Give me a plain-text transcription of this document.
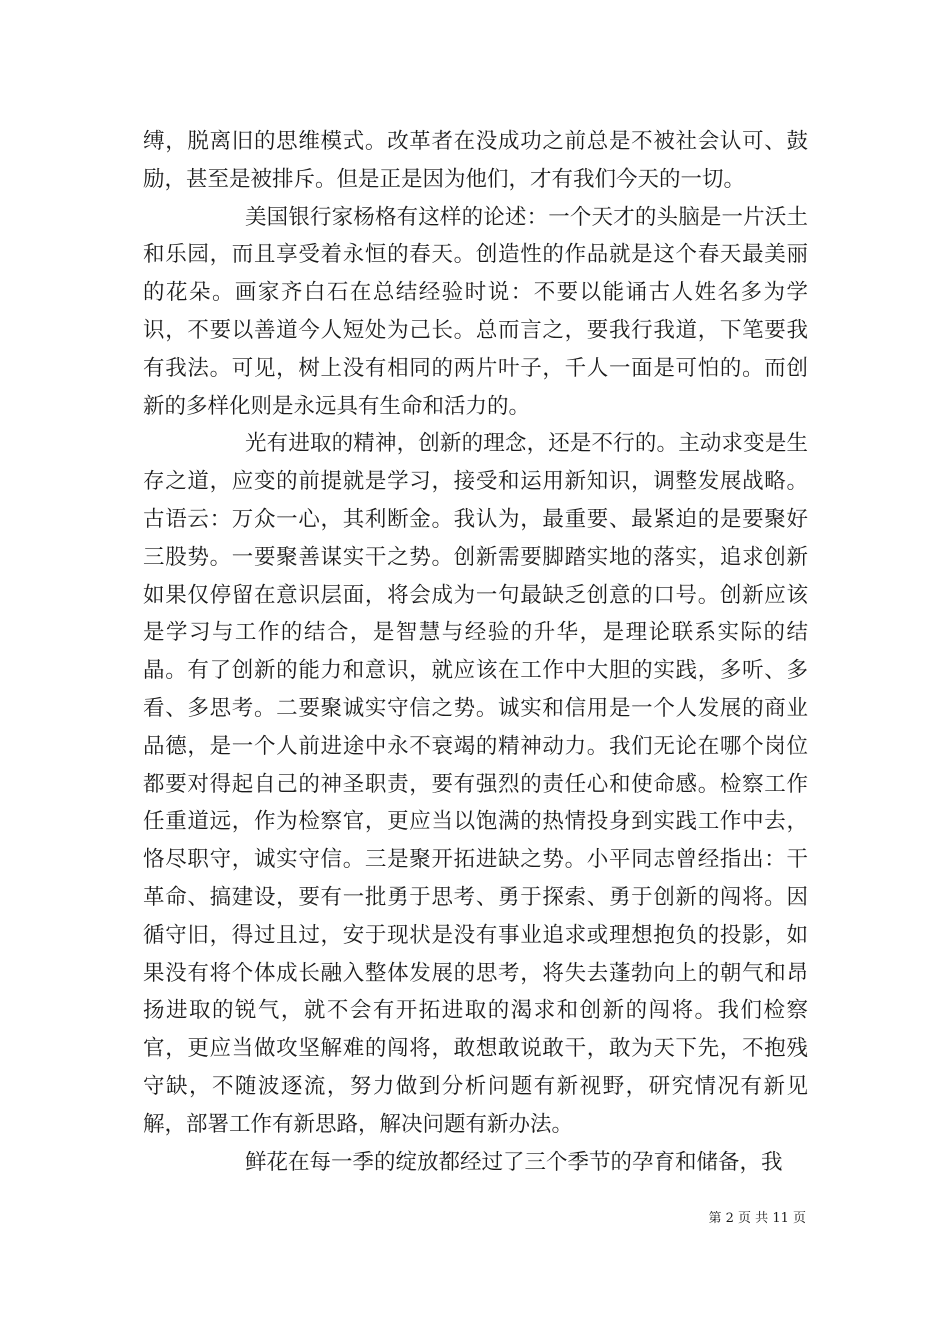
缚，脱离旧的思维模式。改革者在没成功之前总是不被社会认可、鼓励，甚至是被排斥。但是正是因为他们，才有我们今天的一切。

美国银行家杨格有这样的论述：一个天才的头脑是一片沃土和乐园，而且享受着永恒的春天。创造性的作品就是这个春天最美丽的花朵。画家齐白石在总结经验时说：不要以能诵古人姓名多为学识，不要以善道今人短处为己长。总而言之，要我行我道，下笔要我有我法。可见，树上没有相同的两片叶子，千人一面是可怕的。而创新的多样化则是永远具有生命和活力的。

光有进取的精神，创新的理念，还是不行的。主动求变是生存之道，应变的前提就是学习，接受和运用新知识，调整发展战略。古语云：万众一心，其利断金。我认为，最重要、最紧迫的是要聚好三股势。一要聚善谋实干之势。创新需要脚踏实地的落实，追求创新如果仅停留在意识层面，将会成为一句最缺乏创意的口号。创新应该是学习与工作的结合，是智慧与经验的升华，是理论联系实际的结晶。有了创新的能力和意识，就应该在工作中大胆的实践，多听、多看、多思考。二要聚诚实守信之势。诚实和信用是一个人发展的商业品德，是一个人前进途中永不衰竭的精神动力。我们无论在哪个岗位都要对得起自己的神圣职责，要有强烈的责任心和使命感。检察工作任重道远，作为检察官，更应当以饱满的热情投身到实践工作中去，恪尽职守，诚实守信。三是聚开拓进缺之势。小平同志曾经指出：干革命、搞建设，要有一批勇于思考、勇于探索、勇于创新的闯将。因循守旧，得过且过，安于现状是没有事业追求或理想抱负的投影，如果没有将个体成长融入整体发展的思考，将失去蓬勃向上的朝气和昂扬进取的锐气，就不会有开拓进取的渴求和创新的闯将。我们检察官，更应当做攻坚解难的闯将，敢想敢说敢干，敢为天下先，不抱残守缺，不随波逐流，努力做到分析问题有新视野，研究情况有新见解，部署工作有新思路，解决问题有新办法。

鲜花在每一季的绽放都经过了三个季节的孕育和储备，我

第 2 页 共 11 页
